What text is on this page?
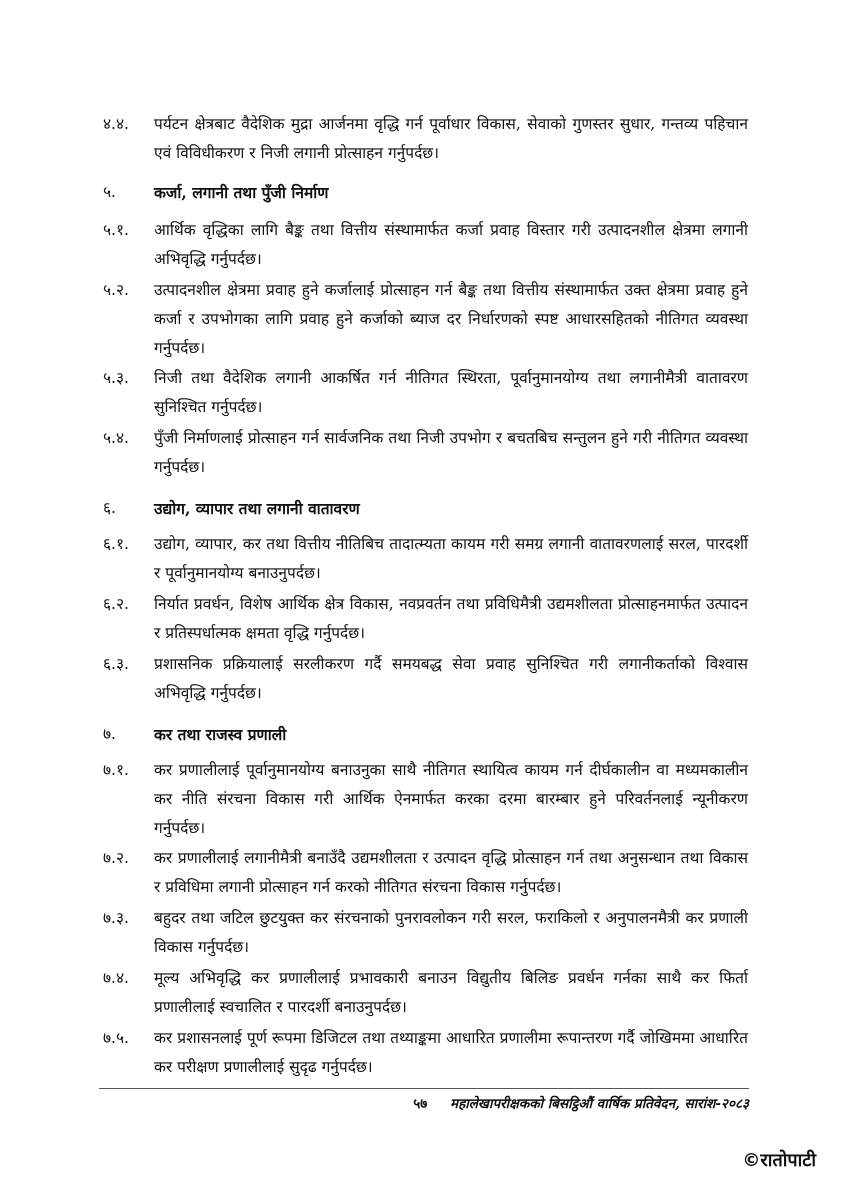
४.४.	पर्यटन क्षेत्रबाट वैदेशिक मुद्रा आर्जनमा वृद्धि गर्न पूर्वाधार विकास, सेवाको गुणस्तर सुधार, गन्तव्य पहिचान एवं विविधीकरण र निजी लगानी प्रोत्साहन गर्नुपर्दछ।
५.	कर्जा, लगानी तथा पुँजी निर्माण
५.१.	आर्थिक वृद्धिका लागि बैङ्क तथा वित्तीय संस्थामार्फत कर्जा प्रवाह विस्तार गरी उत्पादनशील क्षेत्रमा लगानी अभिवृद्धि गर्नुपर्दछ।
५.२.	उत्पादनशील क्षेत्रमा प्रवाह हुने कर्जालाई प्रोत्साहन गर्न बैङ्क तथा वित्तीय संस्थामार्फत उक्त क्षेत्रमा प्रवाह हुने कर्जा र उपभोगका लागि प्रवाह हुने कर्जाको ब्याज दर निर्धारणको स्पष्ट आधारसहितको नीतिगत व्यवस्था गर्नुपर्दछ।
५.३.	निजी तथा वैदेशिक लगानी आकर्षित गर्न नीतिगत स्थिरता, पूर्वानुमानयोग्य तथा लगानीमैत्री वातावरण सुनिश्चित गर्नुपर्दछ।
५.४.	पुँजी निर्माणलाई प्रोत्साहन गर्न सार्वजनिक तथा निजी उपभोग र बचतबिच सन्तुलन हुने गरी नीतिगत व्यवस्था गर्नुपर्दछ।
६.	उद्योग, व्यापार तथा लगानी वातावरण
६.१.	उद्योग, व्यापार, कर तथा वित्तीय नीतिबिच तादात्म्यता कायम गरी समग्र लगानी वातावरणलाई सरल, पारदर्शी र पूर्वानुमानयोग्य बनाउनुपर्दछ।
६.२.	निर्यात प्रवर्धन, विशेष आर्थिक क्षेत्र विकास, नवप्रवर्तन तथा प्रविधिमैत्री उद्यमशीलता प्रोत्साहनमार्फत उत्पादन र प्रतिस्पर्धात्मक क्षमता वृद्धि गर्नुपर्दछ।
६.३.	प्रशासनिक प्रक्रियालाई सरलीकरण गर्दै समयबद्ध सेवा प्रवाह सुनिश्चित गरी लगानीकर्ताको विश्वास अभिवृद्धि गर्नुपर्दछ।
७.	कर तथा राजस्व प्रणाली
७.१.	कर प्रणालीलाई पूर्वानुमानयोग्य बनाउनुका साथै नीतिगत स्थायित्व कायम गर्न दीर्घकालीन वा मध्यमकालीन कर नीति संरचना विकास गरी आर्थिक ऐनमार्फत करका दरमा बारम्बार हुने परिवर्तनलाई न्यूनीकरण गर्नुपर्दछ।
७.२.	कर प्रणालीलाई लगानीमैत्री बनाउँदै उद्यमशीलता र उत्पादन वृद्धि प्रोत्साहन गर्न तथा अनुसन्धान तथा विकास र प्रविधिमा लगानी प्रोत्साहन गर्न करको नीतिगत संरचना विकास गर्नुपर्दछ।
७.३.	बहुदर तथा जटिल छुटयुक्त कर संरचनाको पुनरावलोकन गरी सरल, फराकिलो र अनुपालनमैत्री कर प्रणाली विकास गर्नुपर्दछ।
७.४.	मूल्य अभिवृद्धि कर प्रणालीलाई प्रभावकारी बनाउन विद्युतीय बिलिङ प्रवर्धन गर्नका साथै कर फिर्ता प्रणालीलाई स्वचालित र पारदर्शी बनाउनुपर्दछ।
७.५.	कर प्रशासनलाई पूर्ण रूपमा डिजिटल तथा तथ्याङ्कमा आधारित प्रणालीमा रूपान्तरण गर्दै जोखिममा आधारित कर परीक्षण प्रणालीलाई सुदृढ गर्नुपर्दछ।
५७ महालेखापरीक्षकको बिसट्ठिऔं वार्षिक प्रतिवेदन, सारांश-२०८३
©रातोपाटी
